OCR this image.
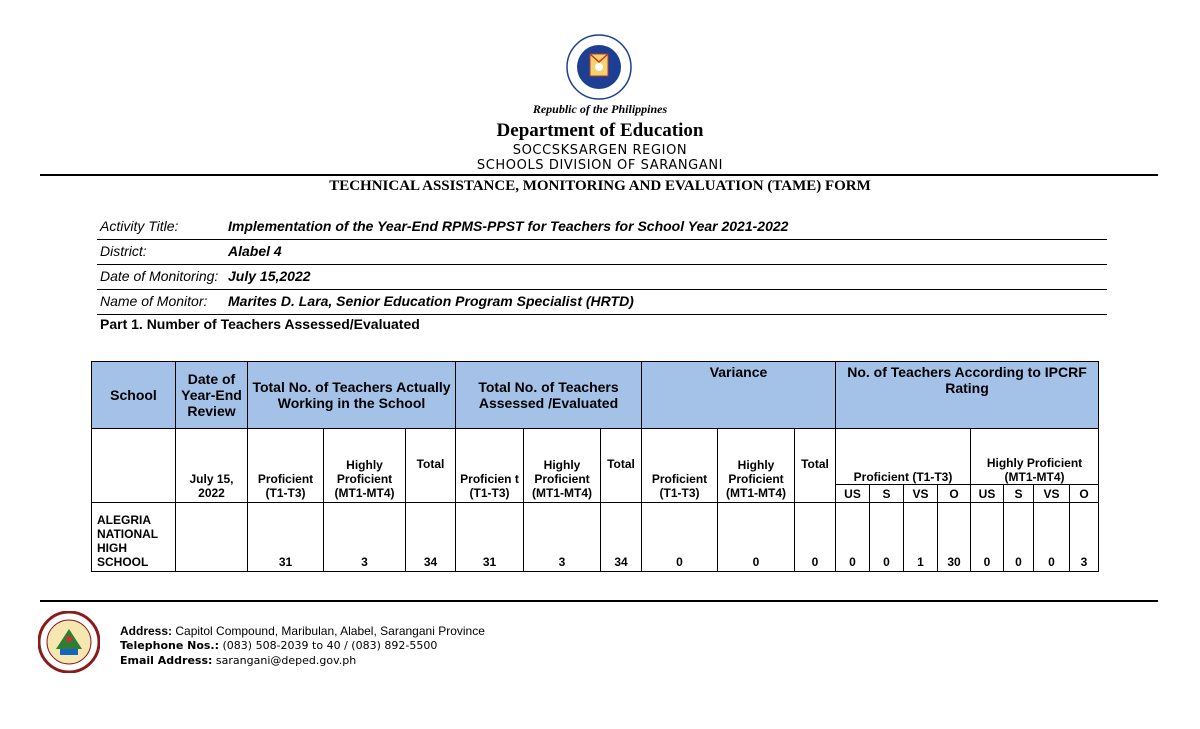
Republic of the Philippines
Department of Education
SOCCSKSARGEN REGION
SCHOOLS DIVISION OF SARANGANI
TECHNICAL ASSISTANCE, MONITORING AND EVALUATION (TAME) FORM
Activity Title:	Implementation of the Year-End RPMS-PPST for Teachers for School Year 2021-2022
District:	Alabel 4
Date of Monitoring: July 15,2022
Name of Monitor: Marites D. Lara, Senior Education Program Specialist (HRTD)
Part 1. Number of Teachers Assessed/Evaluated
School	Date of Year-End Review	Total No. of Teachers Actually Working in the School			Total No. of Teachers Assessed /Evaluated			Variance			No. of Teachers According to IPCRF Rating							
	July 15, 2022	Proficient (T1-T3)	Highly Proficient (MT1-MT4)	Total	Proficien t (T1-T3)	Highly Proficient (MT1-MT4)	Total	Proficient (T1-T3)	Highly Proficient (MT1-MT4)	Total	Proficient (T1-T3)				Highly Proficient (MT1-MT4)			
											US	S	VS	O	US	S	VS	O
ALEGRIA NATIONAL HIGH SCHOOL		31	3	34	31	3	34	0	0	0	0	0	1	30	0	0	0	3
Address: Capitol Compound, Maribulan, Alabel, Sarangani Province
Telephone Nos.: (083) 508-2039 to 40 / (083) 892-5500
Email Address: sarangani@deped.gov.ph
